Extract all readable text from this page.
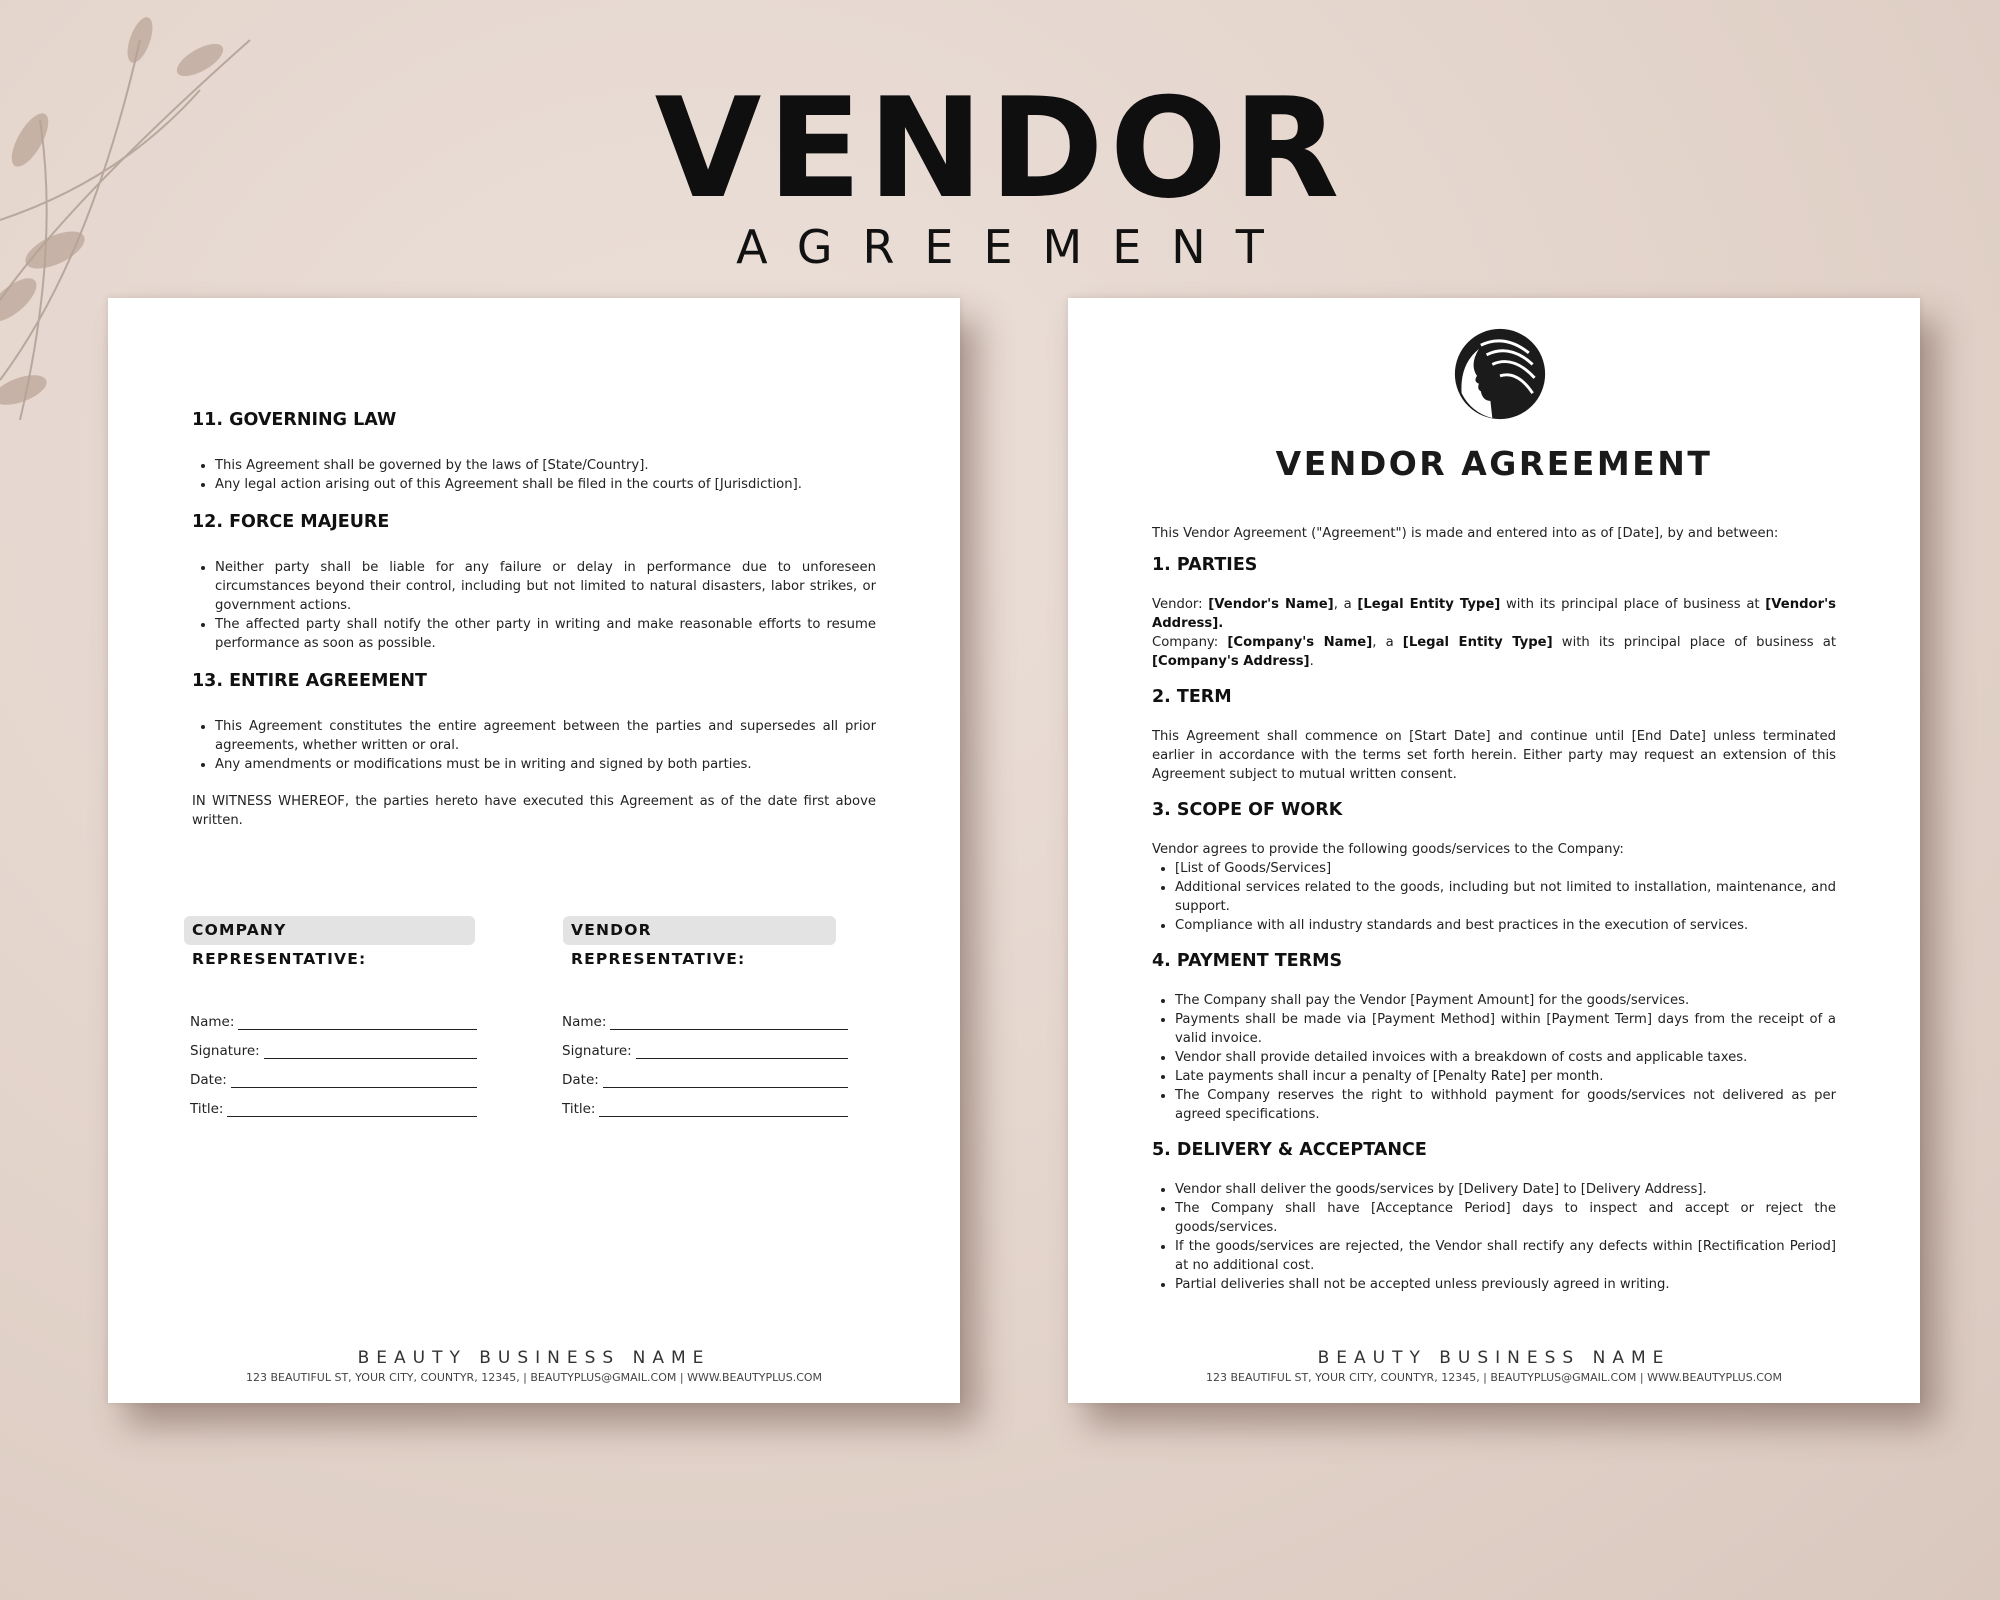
VENDOR
AGREEMENT
11. GOVERNING LAW
• This Agreement shall be governed by the laws of [State/Country].
• Any legal action arising out of this Agreement shall be filed in the courts of [Jurisdiction].
12. FORCE MAJEURE
• Neither party shall be liable for any failure or delay in performance due to unforeseen circumstances beyond their control, including but not limited to natural disasters, labor strikes, or government actions.
• The affected party shall notify the other party in writing and make reasonable efforts to resume performance as soon as possible.
13. ENTIRE AGREEMENT
• This Agreement constitutes the entire agreement between the parties and supersedes all prior agreements, whether written or oral.
• Any amendments or modifications must be in writing and signed by both parties.

IN WITNESS WHEREOF, the parties hereto have executed this Agreement as of the date first above written.

COMPANY REPRESENTATIVE:
VENDOR REPRESENTATIVE:
Name:
Signature:
Date:
Title:
Name:
Signature:
Date:
Title:
BEAUTY BUSINESS NAME
123 BEAUTIFUL ST, YOUR CITY, COUNTYR, 12345, | BEAUTYPLUS@GMAIL.COM | WWW.BEAUTYPLUS.COM
VENDOR AGREEMENT

This Vendor Agreement ("Agreement") is made and entered into as of [Date], by and between:

1. PARTIES

Vendor: [Vendor's Name], a [Legal Entity Type] with its principal place of business at [Vendor's Address].

Company: [Company's Name], a [Legal Entity Type] with its principal place of business at [Company's Address].

2. TERM

This Agreement shall commence on [Start Date] and continue until [End Date] unless terminated earlier in accordance with the terms set forth herein. Either party may request an extension of this Agreement subject to mutual written consent.

3. SCOPE OF WORK

Vendor agrees to provide the following goods/services to the Company:

• [List of Goods/Services]
• Additional services related to the goods, including but not limited to installation, maintenance, and support.
• Compliance with all industry standards and best practices in the execution of services.
4. PAYMENT TERMS
• The Company shall pay the Vendor [Payment Amount] for the goods/services.
• Payments shall be made via [Payment Method] within [Payment Term] days from the receipt of a valid invoice.
• Vendor shall provide detailed invoices with a breakdown of costs and applicable taxes.
• Late payments shall incur a penalty of [Penalty Rate] per month.
• The Company reserves the right to withhold payment for goods/services not delivered as per agreed specifications.
5. DELIVERY & ACCEPTANCE
• Vendor shall deliver the goods/services by [Delivery Date] to [Delivery Address].
• The Company shall have [Acceptance Period] days to inspect and accept or reject the goods/services.
• If the goods/services are rejected, the Vendor shall rectify any defects within [Rectification Period] at no additional cost.
• Partial deliveries shall not be accepted unless previously agreed in writing.
BEAUTY BUSINESS NAME
123 BEAUTIFUL ST, YOUR CITY, COUNTYR, 12345, | BEAUTYPLUS@GMAIL.COM | WWW.BEAUTYPLUS.COM
